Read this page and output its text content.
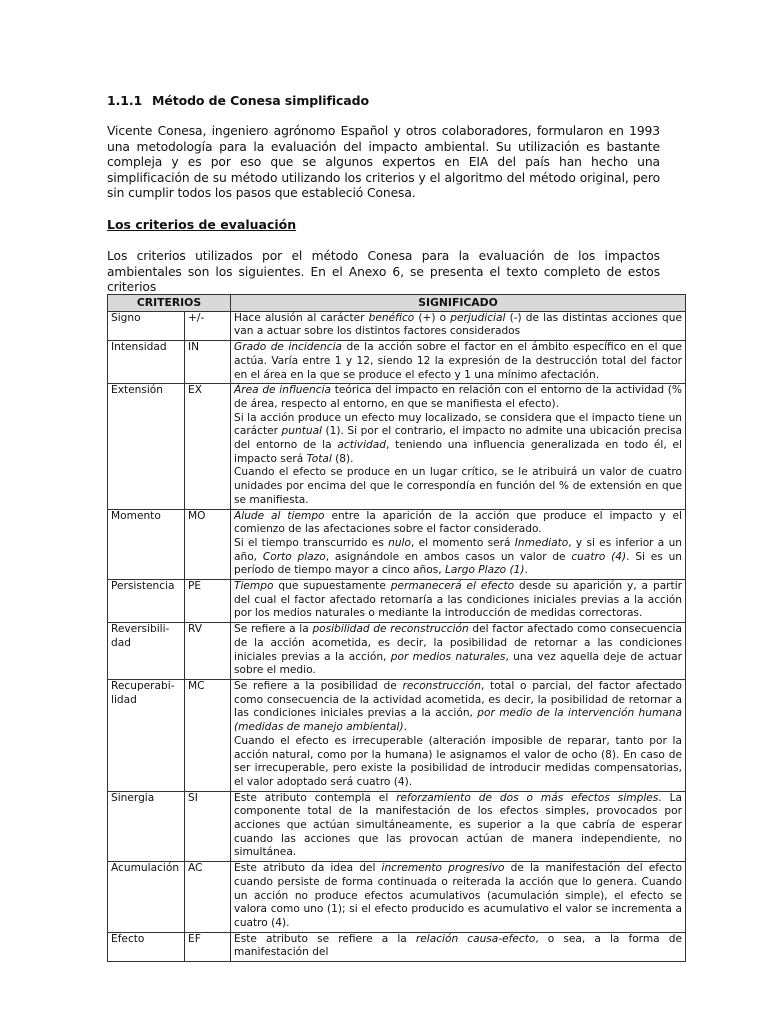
1.1.1 Método de Conesa simplificado
Vicente Conesa, ingeniero agrónomo Español y otros colaboradores, formularon en 1993 una metodología para la evaluación del impacto ambiental. Su utilización es bastante compleja y es por eso que se algunos expertos en EIA del país han hecho una simplificación de su método utilizando los criterios y el algoritmo del método original, pero sin cumplir todos los pasos que estableció Conesa.
Los criterios de evaluación
Los criterios utilizados por el método Conesa para la evaluación de los impactos ambientales son los siguientes. En el Anexo 6, se presenta el texto completo de estos criterios
CRITERIOS		SIGNIFICADO
Signo	+/-	Hace alusión al carácter benéfico (+) o perjudicial (-) de las distintas acciones que van a actuar sobre los distintos factores considerados

Intensidad	IN	Grado de incidencia de la acción sobre el factor en el ámbito específico en el que actúa. Varía entre 1 y 12, siendo 12 la expresión de la destrucción total del factor en el área en la que se produce el efecto y 1 una mínimo afectación.

Extensión	EX	Área de influencia teórica del impacto en relación con el entorno de la actividad (% de área, respecto al entorno, en que se manifiesta el efecto).

Si la acción produce un efecto muy localizado, se considera que el impacto tiene un carácter puntual (1). Si por el contrario, el impacto no admite una ubicación precisa del entorno de la actividad, teniendo una influencia generalizada en todo él, el impacto será Total (8).

Cuando el efecto se produce en un lugar crítico, se le atribuirá un valor de cuatro unidades por encima del que le correspondía en función del % de extensión en que se manifiesta.

Momento	MO	Alude al tiempo entre la aparición de la acción que produce el impacto y el comienzo de las afectaciones sobre el factor considerado.

Si el tiempo transcurrido es nulo, el momento será Inmediato, y si es inferior a un año, Corto plazo, asignándole en ambos casos un valor de cuatro (4). Si es un período de tiempo mayor a cinco años, Largo Plazo (1).

Persistencia	PE	Tiempo que supuestamente permanecerá el efecto desde su aparición y, a partir del cual el factor afectado retornaría a las condiciones iniciales previas a la acción por los medios naturales o mediante la introducción de medidas correctoras.

Reversibili-dad	RV	Se refiere a la posibilidad de reconstrucción del factor afectado como consecuencia de la acción acometida, es decir, la posibilidad de retornar a las condiciones iniciales previas a la acción, por medios naturales, una vez aquella deje de actuar sobre el medio.

Recuperabi-lidad	MC	Se refiere a la posibilidad de reconstrucción, total o parcial, del factor afectado como consecuencia de la actividad acometida, es decir, la posibilidad de retornar a las condiciones iniciales previas a la acción, por medio de la intervención humana (medidas de manejo ambiental).

Cuando el efecto es irrecuperable (alteración imposible de reparar, tanto por la acción natural, como por la humana) le asignamos el valor de ocho (8). En caso de ser irrecuperable, pero existe la posibilidad de introducir medidas compensatorias, el valor adoptado será cuatro (4).

Sinergia	SI	Este atributo contempla el reforzamiento de dos o más efectos simples. La componente total de la manifestación de los efectos simples, provocados por acciones que actúan simultáneamente, es superior a la que cabría de esperar cuando las acciones que las provocan actúan de manera independiente, no simultánea.

Acumulación	AC	Este atributo da idea del incremento progresivo de la manifestación del efecto cuando persiste de forma continuada o reiterada la acción que lo genera. Cuando un acción no produce efectos acumulativos (acumulación simple), el efecto se valora como uno (1); si el efecto producido es acumulativo el valor se incrementa a cuatro (4).

Efecto	EF	Este atributo se refiere a la relación causa-efecto, o sea, a la forma de manifestación del
